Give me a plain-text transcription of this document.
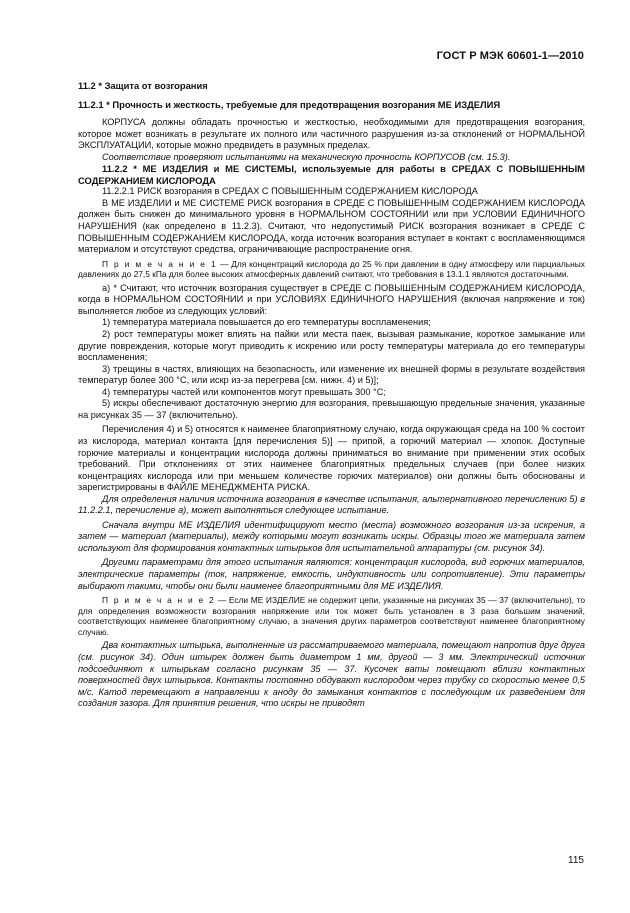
ГОСТ Р МЭК 60601-1—2010

11.2 * Защита от возгорания

11.2.1 * Прочность и жесткость, требуемые для предотвращения возгорания МЕ ИЗДЕЛИЯ

КОРПУСА должны обладать прочностью и жесткостью, необходимыми для предотвращения возгорания, которое может возникать в результате их полного или частичного разрушения из-за отклонений от НОРМАЛЬНОЙ ЭКСПЛУАТАЦИИ, которые можно предвидеть в разумных пределах.

Соответствие проверяют испытаниями на механическую прочность КОРПУСОВ (см. 15.3).

11.2.2 * МЕ ИЗДЕЛИЯ и МЕ СИСТЕМЫ, используемые для работы в СРЕДАХ С ПОВЫШЕННЫМ СОДЕРЖАНИЕМ КИСЛОРОДА

11.2.2.1 РИСК возгорания в СРЕДАХ С ПОВЫШЕННЫМ СОДЕРЖАНИЕМ КИСЛОРОДА

В МЕ ИЗДЕЛИИ и МЕ СИСТЕМЕ РИСК возгорания в СРЕДЕ С ПОВЫШЕННЫМ СОДЕРЖАНИЕМ КИСЛОРОДА должен быть снижен до минимального уровня в НОРМАЛЬНОМ СОСТОЯНИИ или при УСЛОВИИ ЕДИНИЧНОГО НАРУШЕНИЯ (как определено в 11.2.3). Считают, что недопустимый РИСК возгорания возникает в СРЕДЕ С ПОВЫШЕННЫМ СОДЕРЖАНИЕМ КИСЛОРОДА, когда источник возгорания вступает в контакт с воспламеняющимся материалом и отсутствуют средства, ограничивающие распространение огня.

П р и м е ч а н и е 1 — Для концентраций кислорода до 25 % при давлении в одну атмосферу или парциальных давлениях до 27,5 кПа для более высоких атмосферных давлений считают, что требования в 13.1.1 являются достаточными.

а) * Считают, что источник возгорания существует в СРЕДЕ С ПОВЫШЕННЫМ СОДЕРЖАНИЕМ КИСЛОРОДА, когда в НОРМАЛЬНОМ СОСТОЯНИИ и при УСЛОВИЯХ ЕДИНИЧНОГО НАРУШЕНИЯ (включая напряжение и ток) выполняется любое из следующих условий:

1) температура материала повышается до его температуры воспламенения;

2) рост температуры может влиять на пайки или места паек, вызывая размыкание, короткое замыкание или другие повреждения, которые могут приводить к искрению или росту температуры материала до его температуры воспламенения;

3) трещины в частях, влияющих на безопасность, или изменение их внешней формы в результате воздействия температур более 300 °С, или искр из-за перегрева [см. нижн. 4) и 5)];

4) температуры частей или компонентов могут превышать 300 °С;

5) искры обеспечивают достаточную энергию для возгорания, превышающую предельные значения, указанные на рисунках 35 — 37 (включительно).

Перечисления 4) и 5) относятся к наименее благоприятному случаю, когда окружающая среда на 100 % состоит из кислорода, материал контакта [для перечисления 5)] — припой, а горючий материал — хлопок. Доступные горючие материалы и концентрации кислорода должны приниматься во внимание при применении этих особых требований. При отклонениях от этих наименее благоприятных предельных случаев (при более низких концентрациях кислорода или при меньшем количестве горючих материалов) они должны быть обоснованы и зарегистрированы в ФАЙЛЕ МЕНЕДЖМЕНТА РИСКА.

Для определения наличия источника возгорания в качестве испытания, альтернативного перечислению 5) в 11.2.2.1, перечисление а), может выполняться следующее испытание.

Сначала внутри МЕ ИЗДЕЛИЯ идентифицируют место (места) возможного возгорания из-за искрения, а затем — материал (материалы), между которыми могут возникать искры. Образцы того же материала затем используют для формирования контактных штырьков для испытательной аппаратуры (см. рисунок 34).

Другими параметрами для этого испытания являются: концентрация кислорода, вид горючих материалов, электрические параметры (ток, напряжение, емкость, индуктивность или сопротивление). Эти параметры выбирают такими, чтобы они были наименее благоприятными для МЕ ИЗДЕЛИЯ.

П р и м е ч а н и е 2 — Если МЕ ИЗДЕЛИЕ не содержит цепи, указанные на рисунках 35 — 37 (включительно), то для определения возможности возгорания напряжение или ток может быть установлен в 3 раза большим значений, соответствующих наименее благоприятному случаю, а значения других параметров соответствуют наименее благоприятному случаю.

Два контактных штырька, выполненные из рассматриваемого материала, помещают напротив друг друга (см. рисунок 34). Один штырек должен быть диаметром 1 мм, другой — 3 мм. Электрический источник подсоединяют к штырькам согласно рисункам 35 — 37. Кусочек ваты помещают вблизи контактных поверхностей двух штырьков. Контакты постоянно обдувают кислородом через трубку со скоростью менее 0,5 м/с. Катод перемещают в направлении к аноду до замыкания контактов с последующим их разведением для создания зазора. Для принятия решения, что искры не приводят

115
